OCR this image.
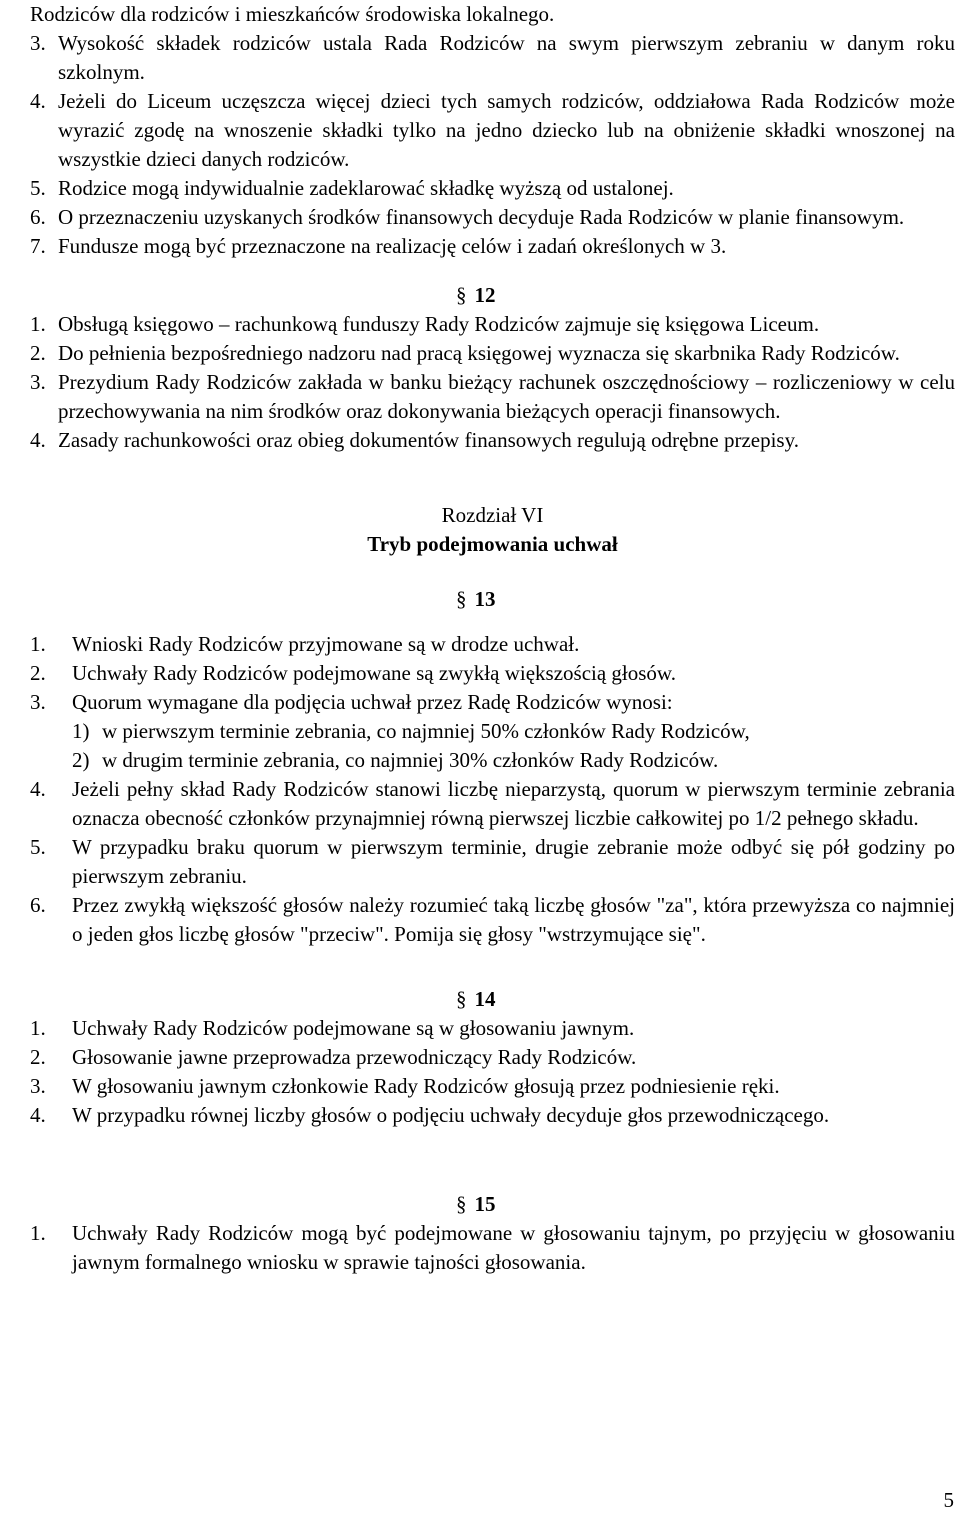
Rodziców dla rodziców i mieszkańców środowiska lokalnego.

3. Wysokość składek rodziców ustala Rada Rodziców na swym pierwszym zebraniu w danym roku szkolnym.
4. Jeżeli do Liceum uczęszcza więcej dzieci tych samych rodziców, oddziałowa Rada Rodziców może wyrazić zgodę na wnoszenie składki tylko na jedno dziecko lub na obniżenie składki wnoszonej na wszystkie dzieci danych rodziców.
5. Rodzice mogą indywidualnie zadeklarować składkę wyższą od ustalonej.
6. O przeznaczeniu uzyskanych środków finansowych decyduje Rada Rodziców w planie finansowym.
7. Fundusze mogą być przeznaczone na realizację celów i zadań określonych w 3.
§ 12
1. Obsługą księgowo – rachunkową funduszy Rady Rodziców zajmuje się księgowa Liceum.
2. Do pełnienia bezpośredniego nadzoru nad pracą księgowej wyznacza się skarbnika Rady Rodziców.
3. Prezydium Rady Rodziców zakłada w banku bieżący rachunek oszczędnościowy – rozliczeniowy w celu przechowywania na nim środków oraz dokonywania bieżących operacji finansowych.
4. Zasady rachunkowości oraz obieg dokumentów finansowych regulują odrębne przepisy.

Rozdział VI

Tryb podejmowania uchwał

§ 13
1.	Wnioski Rady Rodziców przyjmowane są w drodze uchwał.
2.	Uchwały Rady Rodziców podejmowane są zwykłą większością głosów.
3.	Quorum wymagane dla podjęcia uchwał przez Radę Rodziców wynosi:
1) w pierwszym terminie zebrania, co najmniej 50% członków Rady Rodziców,
2) w drugim terminie zebrania, co najmniej 30% członków Rady Rodziców.
4.	Jeżeli pełny skład Rady Rodziców stanowi liczbę nieparzystą, quorum w pierwszym terminie zebrania oznacza obecność członków przynajmniej równą pierwszej liczbie całkowitej po 1/2 pełnego składu.
5.	W przypadku braku quorum w pierwszym terminie, drugie zebranie może odbyć się pół godziny po pierwszym zebraniu.
6.	Przez zwykłą większość głosów należy rozumieć taką liczbę głosów "za", która przewyższa co najmniej o jeden głos liczbę głosów "przeciw". Pomija się głosy "wstrzymujące się".
§ 14
1.	Uchwały Rady Rodziców podejmowane są w głosowaniu jawnym.
2.	Głosowanie jawne przeprowadza przewodniczący Rady Rodziców.
3.	W głosowaniu jawnym członkowie Rady Rodziców głosują przez podniesienie ręki.
4.	W przypadku równej liczby głosów o podjęciu uchwały decyduje głos przewodniczącego.
§ 15
1.	Uchwały Rady Rodziców mogą być podejmowane w głosowaniu tajnym, po przyjęciu w głosowaniu jawnym formalnego wniosku w sprawie tajności głosowania.
5
